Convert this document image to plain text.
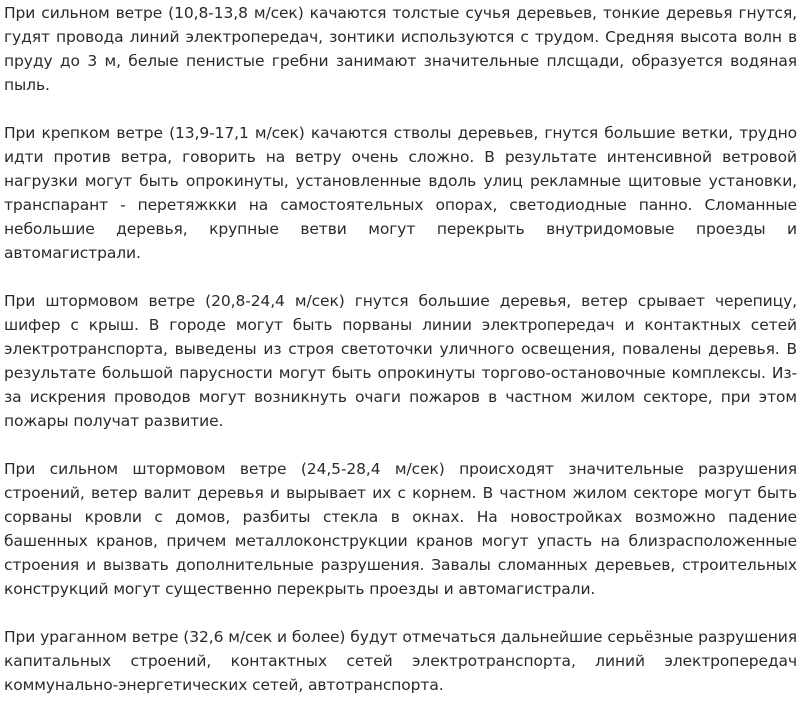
При сильном ветре (10,8-13,8 м/сек) качаются толстые сучья деревьев, тонкие деревья гнутся, гудят провода линий электропередач, зонтики используются с трудом. Средняя высота волн в пруду до 3 м, белые пенистые гребни занимают значительные плсщади, образуется водяная пыль.

При крепком ветре (13,9-17,1 м/сек) качаются стволы деревьев, гнутся большие ветки, трудно идти против ветра, говорить на ветру очень сложно. В результате интенсивной ветровой нагрузки могут быть опрокинуты, установленные вдоль улиц рекламные щитовые установки, транспарант - перетяжкки на самостоятельных опорах, светодиодные панно. Сломанные небольшие деревья, крупные ветви могут перекрыть внутридомовые проезды и автомагистрали.

При штормовом ветре (20,8-24,4 м/сек) гнутся большие деревья, ветер срывает черепицу, шифер с крыш. В городе могут быть порваны линии электропередач и контактных сетей электротранспорта, выведены из строя светоточки уличного освещения, повалены деревья. В результате большой парусности могут быть опрокинуты торгово-остановочные комплексы. Из-за искрения проводов могут возникнуть очаги пожаров в частном жилом секторе, при этом пожары получат развитие.

При сильном штормовом ветре (24,5-28,4 м/сек) происходят значительные разрушения строений, ветер валит деревья и вырывает их с корнем. В частном жилом секторе могут быть сорваны кровли с домов, разбиты стекла в окнах. На новостройках возможно падение башенных кранов, причем металлоконструкции кранов могут упасть на близрасположенные строения и вызвать дополнительные разрушения. Завалы сломанных деревьев, строительных конструкций могут существенно перекрыть проезды и автомагистрали.

При ураганном ветре (32,6 м/сек и более) будут отмечаться дальнейшие серьёзные разрушения капитальных строений, контактных сетей электротранспорта, линий электропередач коммунально-энергетических сетей, автотранспорта.
